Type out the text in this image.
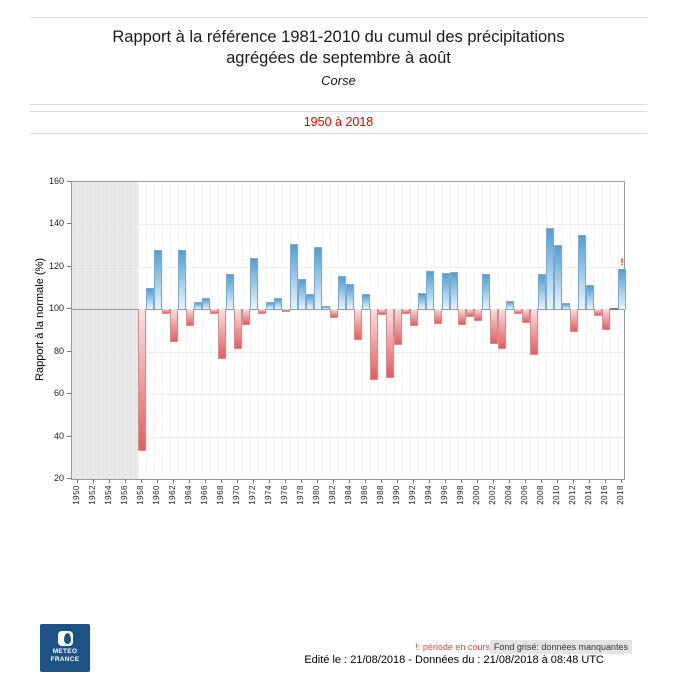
Rapport à la référence 1981-2010 du cumul des précipitations
agrégées de septembre à août
Corse
1950 à 2018
Rapport à la normale (%)	!
!: période en cours Fond grisé: données manquantes
Edité le : 21/08/2018 - Données du : 21/08/2018 à 08:48 UTC
METEO
FRANCE
20
40
60
80
100
120
140
160
1950 1952 1954 1956 1958 1960 1962 1964 1966 1968 1970 1972 1974 1976 1978 1980 1982 1984 1986 1988 1990 1992 1994 1996 1998 2000 2002 2004 2006 2008 2010 2012 2014 2016 2018
